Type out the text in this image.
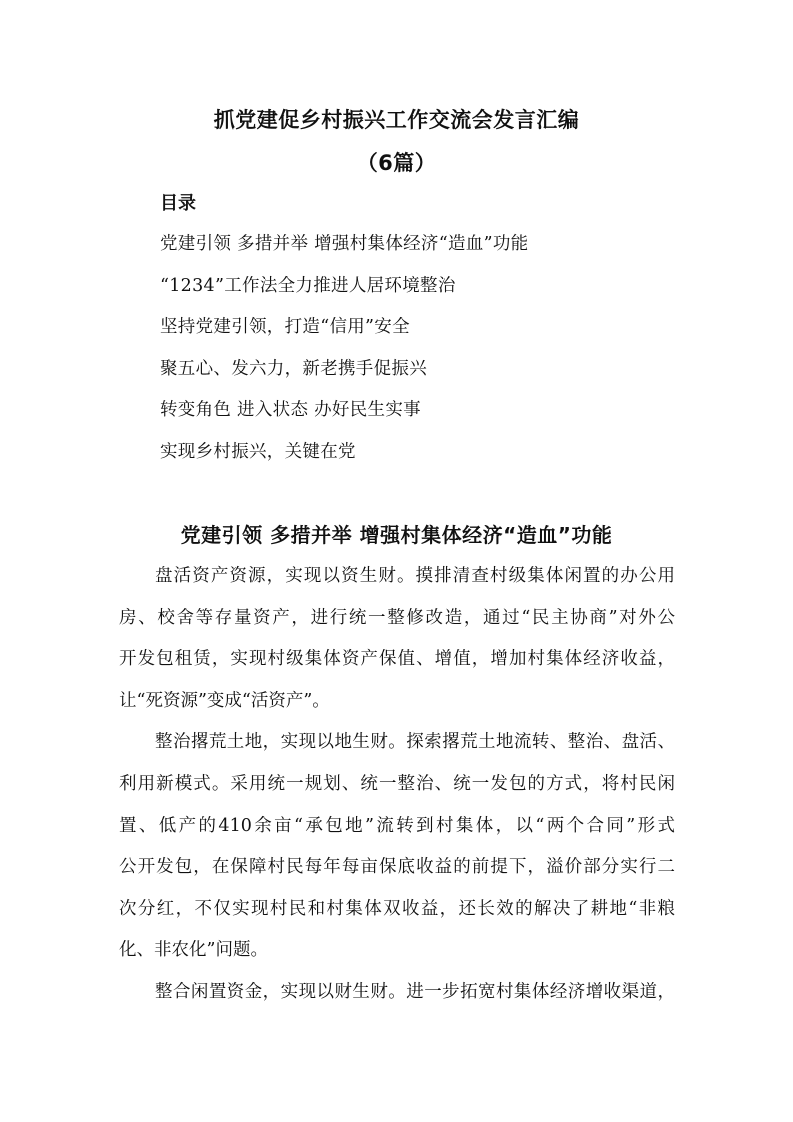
抓党建促乡村振兴工作交流会发言汇编
（6篇）
目录
党建引领 多措并举 增强村集体经济“造血”功能
“1234”工作法全力推进人居环境整治
坚持党建引领，打造“信用”安全
聚五心、发六力，新老携手促振兴
转变角色 进入状态 办好民生实事
实现乡村振兴，关键在党
党建引领 多措并举 增强村集体经济“造血”功能
盘活资产资源，实现以资生财。摸排清查村级集体闲置的办公用
房、校舍等存量资产，进行统一整修改造，通过“民主协商”对外公
开发包租赁，实现村级集体资产保值、增值，增加村集体经济收益，
让“死资源”变成“活资产”。
整治撂荒土地，实现以地生财。探索撂荒土地流转、整治、盘活、
利用新模式。采用统一规划、统一整治、统一发包的方式，将村民闲
置、低产的410余亩“承包地”流转到村集体，以“两个合同”形式
公开发包，在保障村民每年每亩保底收益的前提下，溢价部分实行二
次分红，不仅实现村民和村集体双收益，还长效的解决了耕地“非粮
化、非农化”问题。
整合闲置资金，实现以财生财。进一步拓宽村集体经济增收渠道，
